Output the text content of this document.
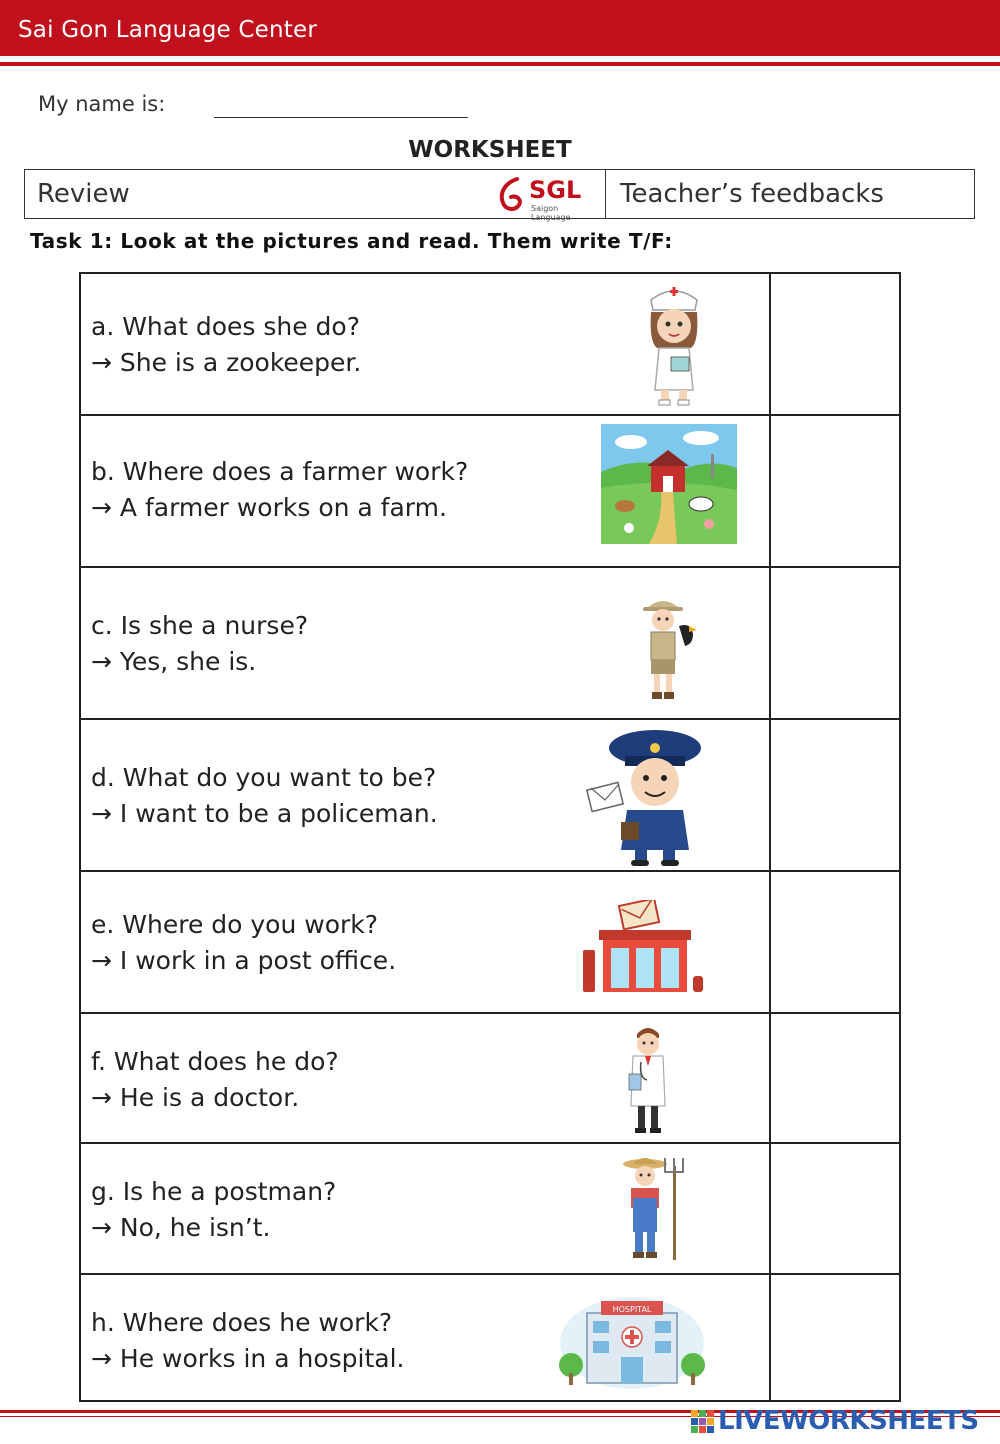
Sai Gon Language Center
My name is:
WORKSHEET
Review	SGL
Saigon Language
Teacher’s feedbacks
Task 1: Look at the pictures and read. Them write T/F:
a. What does she do?
→ She is a zookeeper.
b. Where does a farmer work?
→ A farmer works on a farm.
c. Is she a nurse?
→ Yes, she is.
d. What do you want to be?
→ I want to be a policeman.
e. Where do you work?
→ I work in a post office.
f. What does he do?
→ He is a doctor.
g. Is he a postman?
→ No, he isn’t.
h. Where does he work?
→ He works in a hospital.
HOSPITAL
LIVEWORKSHEETS
